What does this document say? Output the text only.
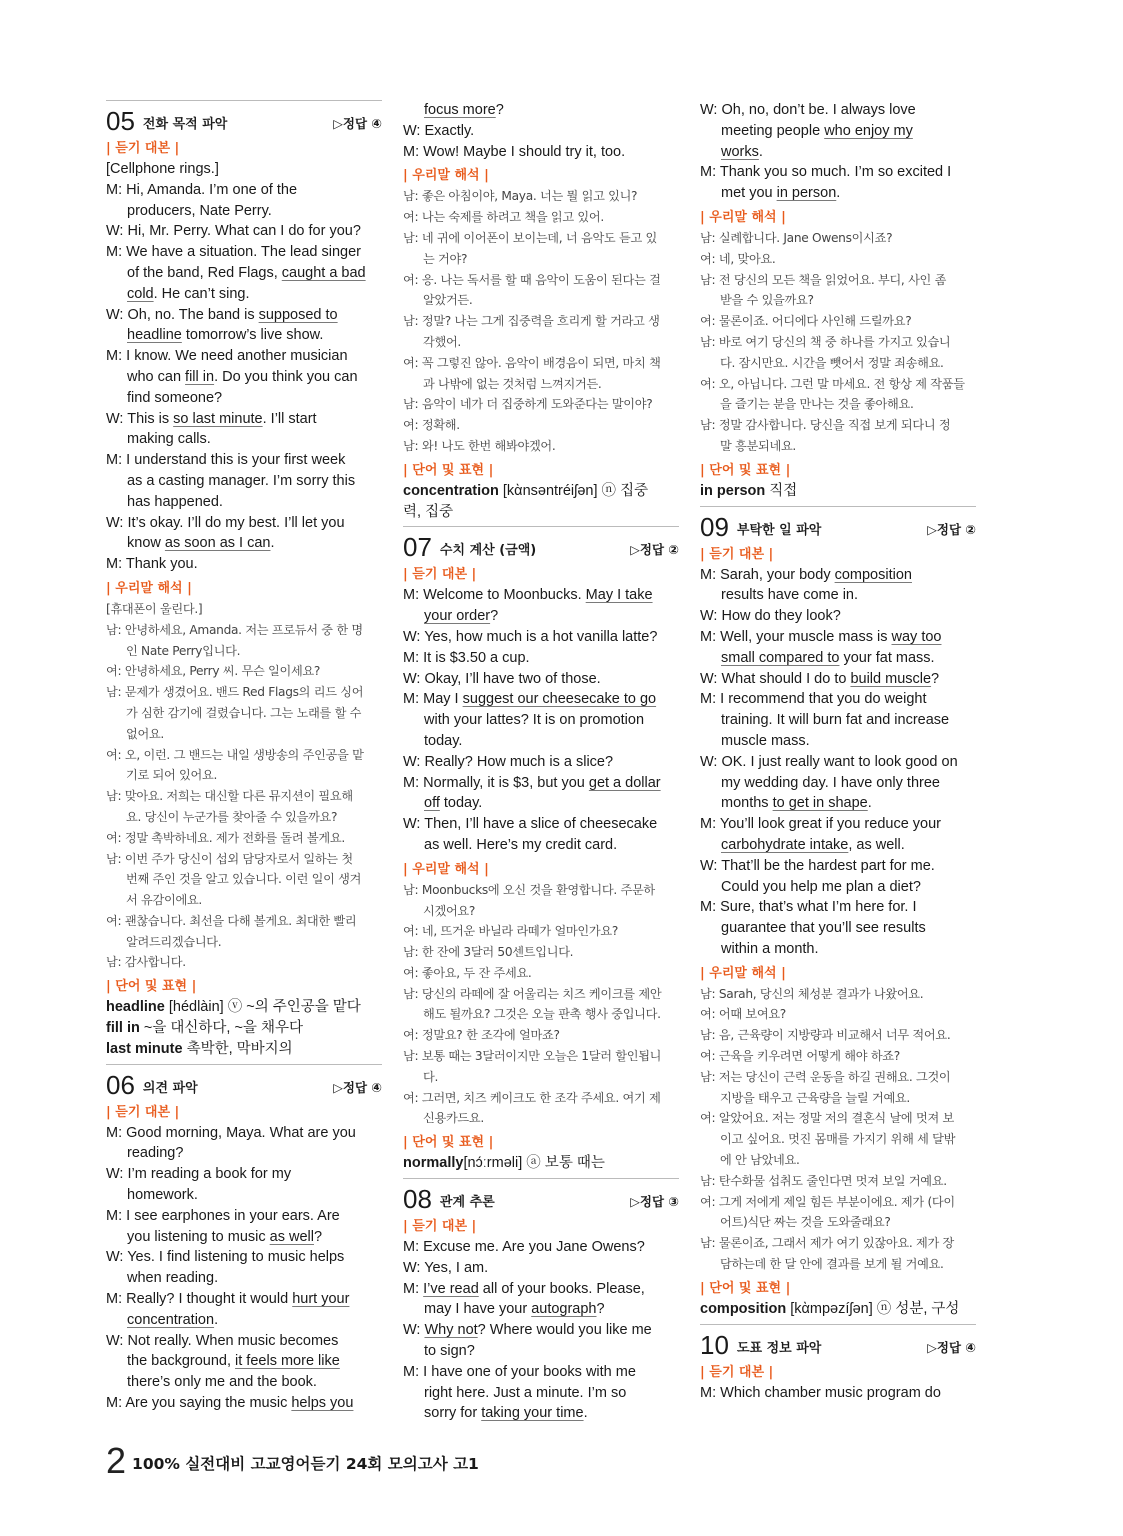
05 전화 목적 파악	▷정답 ④
| 듣기 대본 |
[Cellphone rings.]
M: Hi, Amanda. I’m one of the
producers, Nate Perry.
W: Hi, Mr. Perry. What can I do for you?
M: We have a situation. The lead singer
of the band, Red Flags, caught a bad
cold. He can’t sing.
W: Oh, no. The band is supposed to
headline tomorrow’s live show.
M: I know. We need another musician
who can fill in. Do you think you can
find someone?
W: This is so last minute. I’ll start
making calls.
M: I understand this is your first week
as a casting manager. I’m sorry this
has happened.
W: It’s okay. I’ll do my best. I’ll let you
know as soon as I can.
M: Thank you.
| 우리말 해석 |
[휴대폰이 울린다.]
남: 안녕하세요, Amanda. 저는 프로듀서 중 한 명
인 Nate Perry입니다.
여: 안녕하세요, Perry 씨. 무슨 일이세요?
남: 문제가 생겼어요. 밴드 Red Flags의 리드 싱어
가 심한 감기에 걸렸습니다. 그는 노래를 할 수
없어요.
여: 오, 이런. 그 밴드는 내일 생방송의 주인공을 맡
기로 되어 있어요.
남: 맞아요. 저희는 대신할 다른 뮤지션이 필요해
요. 당신이 누군가를 찾아줄 수 있을까요?
여: 정말 촉박하네요. 제가 전화를 돌려 볼게요.
남: 이번 주가 당신이 섭외 담당자로서 일하는 첫
번째 주인 것을 알고 있습니다. 이런 일이 생겨
서 유감이에요.
여: 괜찮습니다. 최선을 다해 볼게요. 최대한 빨리
알려드리겠습니다.
남: 감사합니다.
| 단어 및 표현 |
headline [hédlàin] ⓥ ~의 주인공을 맡다
fill in ~을 대신하다, ~을 채우다
last minute 촉박한, 막바지의
06 의견 파악	▷정답 ④
| 듣기 대본 |
M: Good morning, Maya. What are you
reading?
W: I’m reading a book for my
homework.
M: I see earphones in your ears. Are
you listening to music as well?
W: Yes. I find listening to music helps
when reading.
M: Really? I thought it would hurt your
concentration.
W: Not really. When music becomes
the background, it feels more like
there’s only me and the book.
M: Are you saying the music helps you
focus more?
W: Exactly.
M: Wow! Maybe I should try it, too.
| 우리말 해석 |
남: 좋은 아침이야, Maya. 너는 뭘 읽고 있니?
여: 나는 숙제를 하려고 책을 읽고 있어.
남: 네 귀에 이어폰이 보이는데, 너 음악도 듣고 있
는 거야?
여: 응. 나는 독서를 할 때 음악이 도움이 된다는 걸
알았거든.
남: 정말? 나는 그게 집중력을 흐리게 할 거라고 생
각했어.
여: 꼭 그렇진 않아. 음악이 배경음이 되면, 마치 책
과 나밖에 없는 것처럼 느껴지거든.
남: 음악이 네가 더 집중하게 도와준다는 말이야?
여: 정확해.
남: 와! 나도 한번 해봐야겠어.
| 단어 및 표현 |
concentration [kὰnsəntréiʃən] ⓝ 집중
력, 집중
07 수치 계산 (금액)	▷정답 ②
| 듣기 대본 |
M: Welcome to Moonbucks. May I take
your order?
W: Yes, how much is a hot vanilla latte?
M: It is $3.50 a cup.
W: Okay, I’ll have two of those.
M: May I suggest our cheesecake to go
with your lattes? It is on promotion
today.
W: Really? How much is a slice?
M: Normally, it is $3, but you get a dollar
off today.
W: Then, I’ll have a slice of cheesecake
as well. Here’s my credit card.
| 우리말 해석 |
남: Moonbucks에 오신 것을 환영합니다. 주문하
시겠어요?
여: 네, 뜨거운 바닐라 라떼가 얼마인가요?
남: 한 잔에 3달러 50센트입니다.
여: 좋아요, 두 잔 주세요.
남: 당신의 라떼에 잘 어울리는 치즈 케이크를 제안
해도 될까요? 그것은 오늘 판촉 행사 중입니다.
여: 정말요? 한 조각에 얼마죠?
남: 보통 때는 3달러이지만 오늘은 1달러 할인됩니
다.
여: 그러면, 치즈 케이크도 한 조각 주세요. 여기 제
신용카드요.
| 단어 및 표현 |
normally[nɔ́ːrməli] ⓐ 보통 때는
08 관계 추론	▷정답 ③
| 듣기 대본 |
M: Excuse me. Are you Jane Owens?
W: Yes, I am.
M: I’ve read all of your books. Please,
may I have your autograph?
W: Why not? Where would you like me
to sign?
M: I have one of your books with me
right here. Just a minute. I’m so
sorry for taking your time.
W: Oh, no, don’t be. I always love
meeting people who enjoy my
works.
M: Thank you so much. I’m so excited I
met you in person.
| 우리말 해석 |
남: 실례합니다. Jane Owens이시죠?
여: 네, 맞아요.
남: 전 당신의 모든 책을 읽었어요. 부디, 사인 좀
받을 수 있을까요?
여: 물론이죠. 어디에다 사인해 드릴까요?
남: 바로 여기 당신의 책 중 하나를 가지고 있습니
다. 잠시만요. 시간을 뺏어서 정말 죄송해요.
여: 오, 아닙니다. 그런 말 마세요. 전 항상 제 작품들
을 즐기는 분을 만나는 것을 좋아해요.
남: 정말 감사합니다. 당신을 직접 보게 되다니 정
말 흥분되네요.
| 단어 및 표현 |
in person 직접
09 부탁한 일 파악	▷정답 ②
| 듣기 대본 |
M: Sarah, your body composition
results have come in.
W: How do they look?
M: Well, your muscle mass is way too
small compared to your fat mass.
W: What should I do to build muscle?
M: I recommend that you do weight
training. It will burn fat and increase
muscle mass.
W: OK. I just really want to look good on
my wedding day. I have only three
months to get in shape.
M: You’ll look great if you reduce your
carbohydrate intake, as well.
W: That’ll be the hardest part for me.
Could you help me plan a diet?
M: Sure, that’s what I’m here for. I
guarantee that you’ll see results
within a month.
| 우리말 해석 |
남: Sarah, 당신의 체성분 결과가 나왔어요.
여: 어때 보여요?
남: 음, 근육량이 지방량과 비교해서 너무 적어요.
여: 근육을 키우려면 어떻게 해야 하죠?
남: 저는 당신이 근력 운동을 하길 권해요. 그것이
지방을 태우고 근육량을 늘릴 거예요.
여: 알았어요. 저는 정말 저의 결혼식 날에 멋져 보
이고 싶어요. 멋진 몸매를 가지기 위해 세 달밖
에 안 남았네요.
남: 탄수화물 섭취도 줄인다면 멋져 보일 거예요.
여: 그게 저에게 제일 힘든 부분이에요. 제가 (다이
어트)식단 짜는 것을 도와줄래요?
남: 물론이죠, 그래서 제가 여기 있잖아요. 제가 장
담하는데 한 달 안에 결과를 보게 될 거예요.
| 단어 및 표현 |
composition [kὰmpəzíʃən] ⓝ 성분, 구성
10 도표 정보 파악	▷정답 ④
| 듣기 대본 |
M: Which chamber music program do
2 100% 실전대비 고교영어듣기 24회 모의고사 고1
